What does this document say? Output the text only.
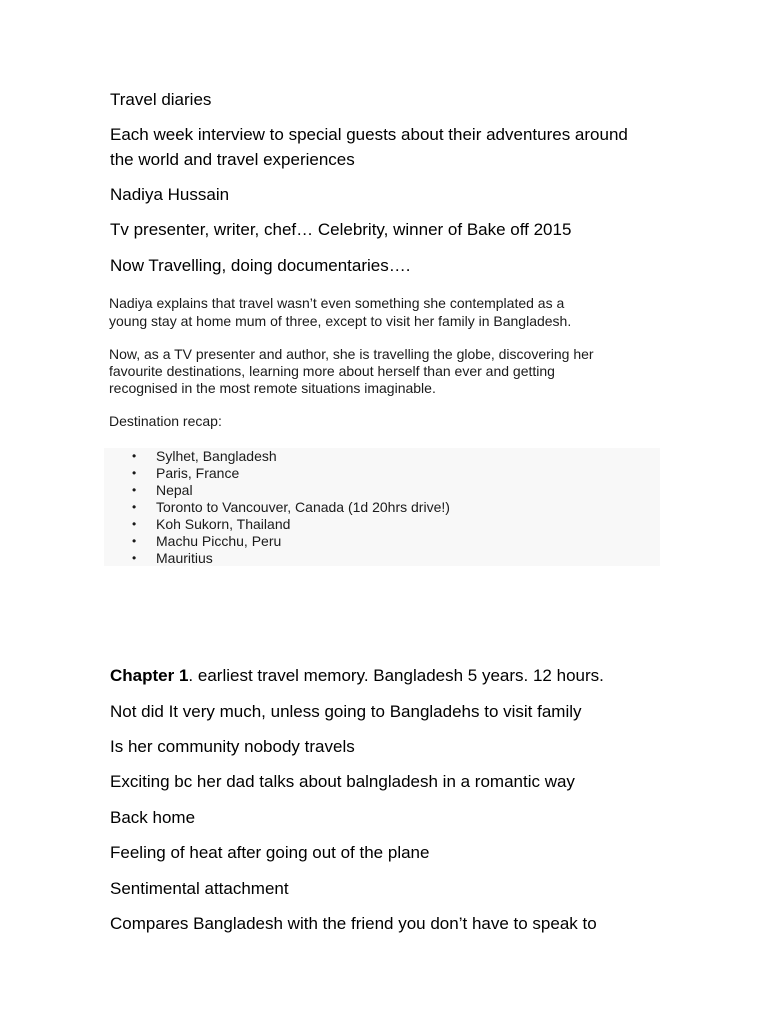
Travel diaries

Each week interview to special guests about their adventures around the world and travel experiences

Nadiya Hussain

Tv presenter, writer, chef… Celebrity, winner of Bake off 2015

Now Travelling, doing documentaries….

Nadiya explains that travel wasn’t even something she contemplated as a

young stay at home mum of three, except to visit her family in Bangladesh.

Now, as a TV presenter and author, she is travelling the globe, discovering her

favourite destinations, learning more about herself than ever and getting

recognised in the most remote situations imaginable.

Destination recap:

• Sylhet, Bangladesh
• Paris, France
• Nepal
• Toronto to Vancouver, Canada (1d 20hrs drive!)
• Koh Sukorn, Thailand
• Machu Picchu, Peru
• Mauritius

Chapter 1. earliest travel memory. Bangladesh 5 years. 12 hours.

Not did It very much, unless going to Bangladehs to visit family

Is her community nobody travels

Exciting bc her dad talks about balngladesh in a romantic way

Back home

Feeling of heat after going out of the plane

Sentimental attachment

Compares Bangladesh with the friend you don’t have to speak to
